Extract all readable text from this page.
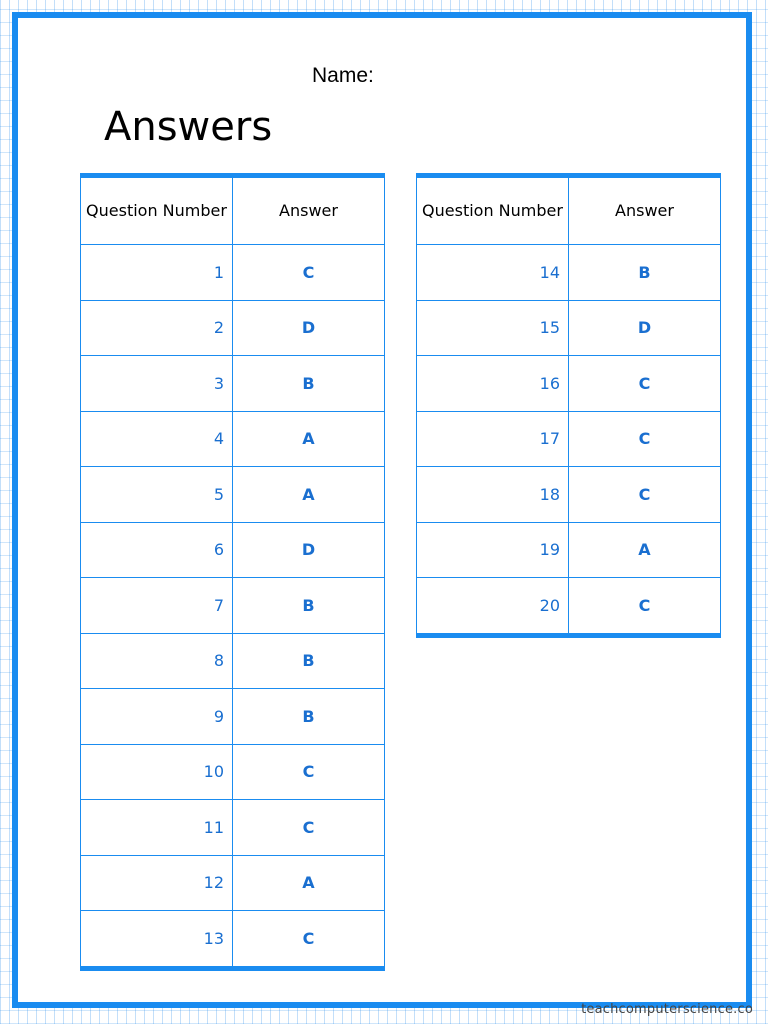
Name:
Answers
Question Number	Answer
1	C
2	D
3	B
4	A
5	A
6	D
7	B
8	B
9	B
10	C
11	C
12	A
13	C
Question Number	Answer
14	B
15	D
16	C
17	C
18	C
19	A
20	C
teachcomputerscience.co
